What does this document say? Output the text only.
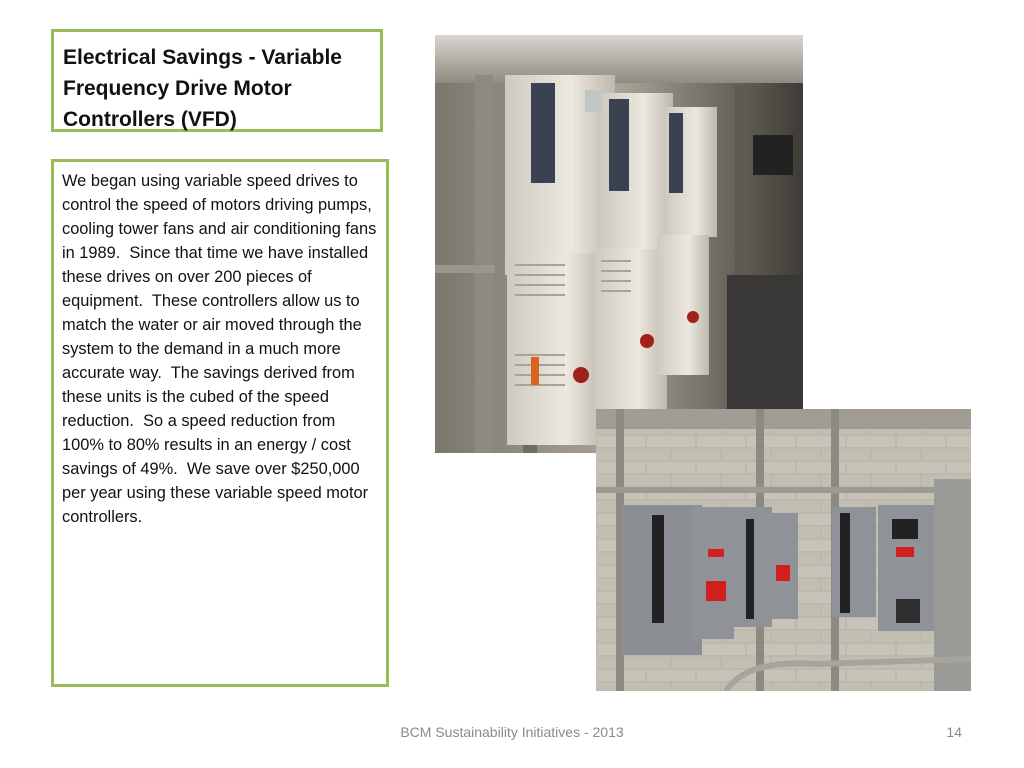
Electrical Savings - Variable Frequency Drive Motor Controllers (VFD)

We began using variable speed drives to control the speed of motors driving pumps, cooling tower fans and air conditioning fans in 1989.  Since that time we have installed these drives on over 200 pieces of equipment.  These controllers allow us to match the water or air moved through the system to the demand in a much more accurate way.  The savings derived from these units is the cubed of the speed reduction.  So a speed reduction from 100% to 80% results in an energy / cost savings of 49%.  We save over $250,000 per year using these variable speed motor controllers.

BCM Sustainability Initiatives - 2013	14
